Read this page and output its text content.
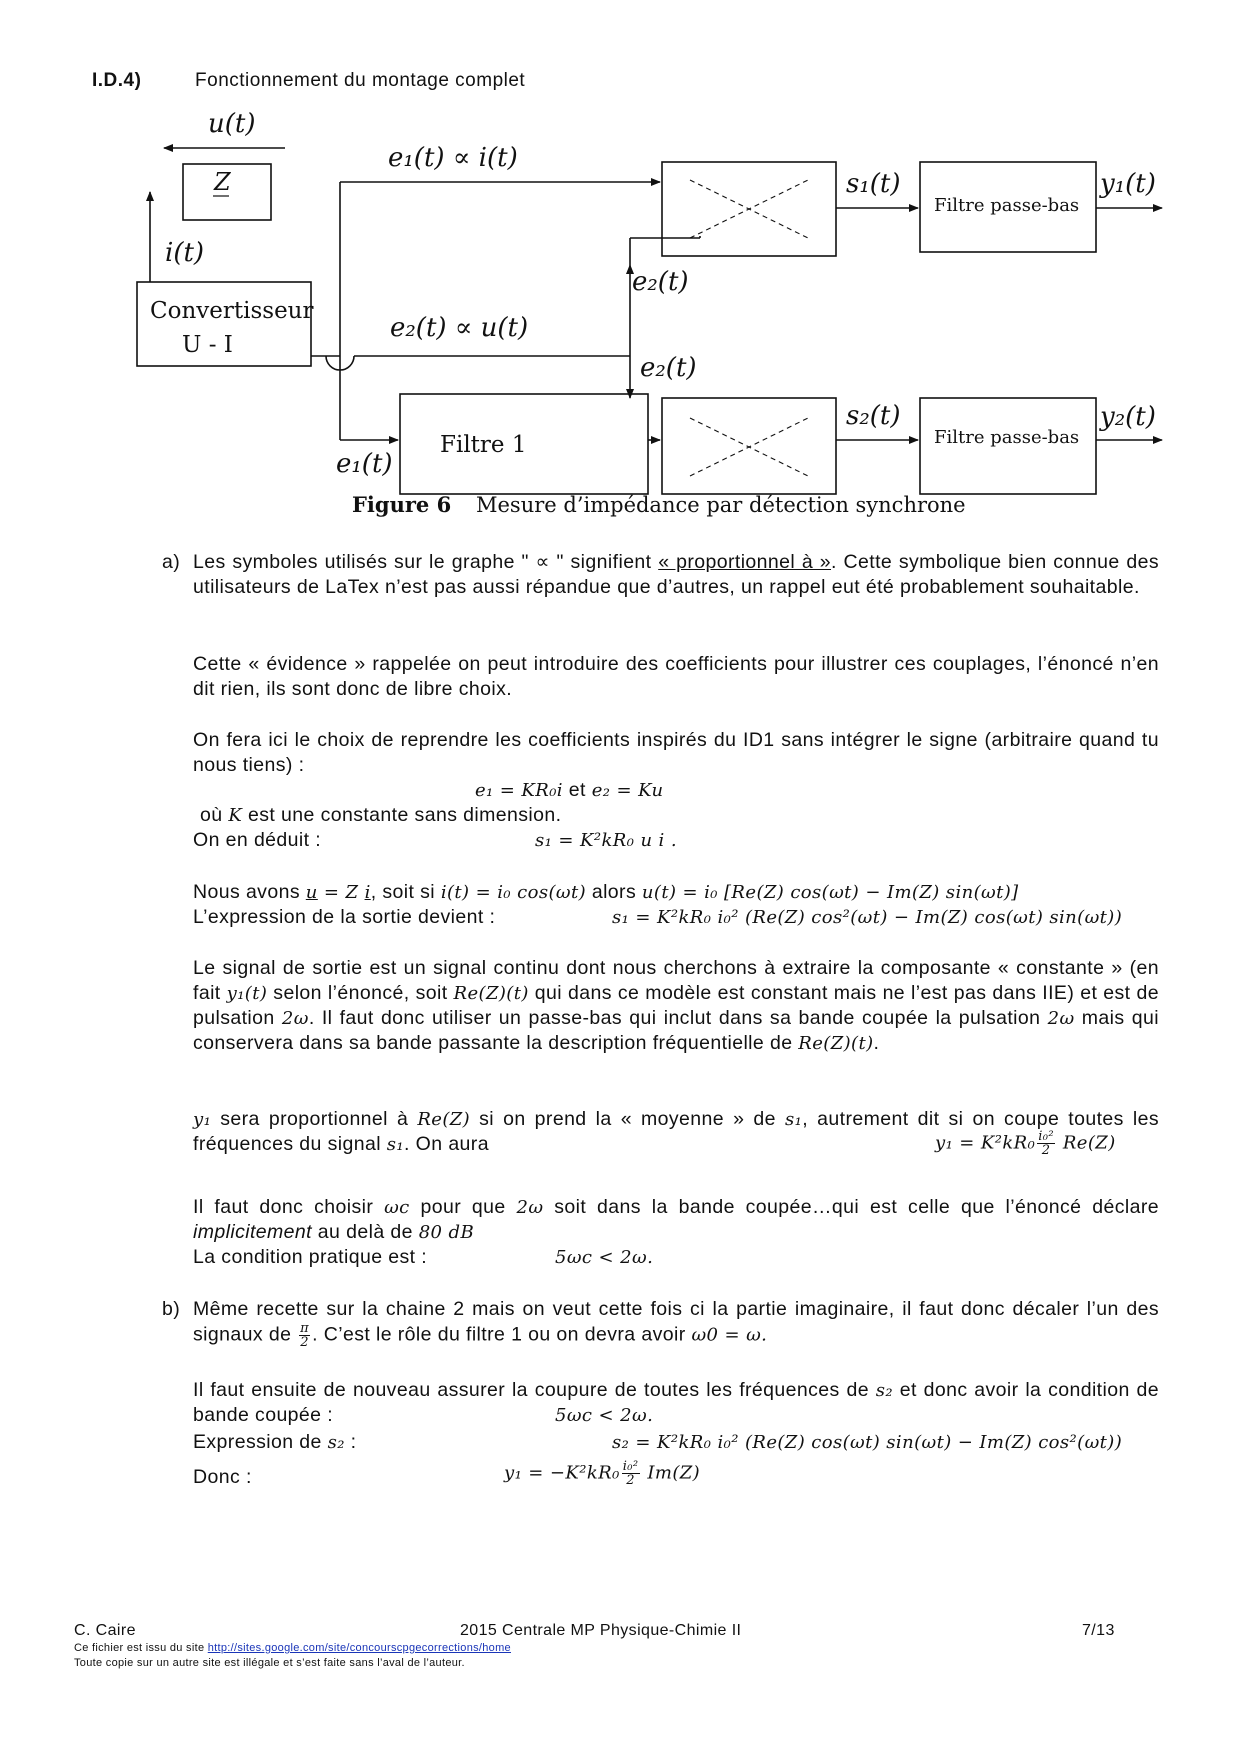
I.D.4)	Fonctionnement du montage complet
u(t)
i(t)
e₁(t) ∝ i(t)
e₂(t) ∝ u(t)
e₂(t)
e₂(t)
e₁(t)
s₁(t)
s₂(t)
y₁(t)
y₂(t)
Z
Convertisseur
U - I
Filtre 1
Filtre passe-bas
Filtre passe-bas
Figure 6 Mesure d’impédance par détection synchrone
a) Les symboles utilisés sur le graphe " ∝ " signifient « proportionnel à ». Cette symbolique bien connue des utilisateurs de LaTex n’est pas aussi répandue que d’autres, un rappel eut été probablement souhaitable.
Cette « évidence » rappelée on peut introduire des coefficients pour illustrer ces couplages, l’énoncé n’en dit rien, ils sont donc de libre choix.
On fera ici le choix de reprendre les coefficients inspirés du ID1 sans intégrer le signe (arbitraire quand tu nous tiens) :
e₁ = KR₀i et e₂ = Ku
où K est une constante sans dimension.
On en déduit :	s₁ = K²kR₀ u i .
Nous avons u = Z i, soit si i(t) = i₀ cos(ωt) alors u(t) = i₀ [Re(Z) cos(ωt) − Im(Z) sin(ωt)]
L’expression de la sortie devient :	s₁ = K²kR₀ i₀² (Re(Z) cos²(ωt) − Im(Z) cos(ωt) sin(ωt))
Le signal de sortie est un signal continu dont nous cherchons à extraire la composante « constante » (en fait y₁(t) selon l’énoncé, soit Re(Z)(t) qui dans ce modèle est constant mais ne l’est pas dans IIE) et est de pulsation 2ω. Il faut donc utiliser un passe-bas qui inclut dans sa bande coupée la pulsation 2ω mais qui conservera dans sa bande passante la description fréquentielle de Re(Z)(t).
y₁ sera proportionnel à Re(Z) si on prend la « moyenne » de s₁, autrement dit si on coupe toutes les fréquences du signal s₁. On aura	$y_1 = K^2kR_0 \frac{\text{i₀²}}{2} Re(Z)$
Il faut donc choisir ωc pour que 2ω soit dans la bande coupée…qui est celle que l’énoncé déclare implicitement au delà de 80 dB
La condition pratique est :	5ωc < 2ω.
b) Même recette sur la chaine 2 mais on veut cette fois ci la partie imaginaire, il faut donc décaler l’un des signaux de $\frac{\pi}{2}$ . C’est le rôle du filtre 1 ou on devra avoir ω0 = ω.
Il faut ensuite de nouveau assurer la coupure de toutes les fréquences de s₂ et donc avoir la condition de bande coupée :	5ωc < 2ω.
Expression de s₂ :	s₂ = K²kR₀ i₀² (Re(Z) cos(ωt) sin(ωt) − Im(Z) cos²(ωt))
Donc :	$y_1 = -K^2kR_0 \frac{\text{i₀²}}{2} Im(Z)$
C. Caire	2015 Centrale MP Physique-Chimie II	7/13
Ce fichier est issu du site http://sites.google.com/site/concourscpgecorrections/home
Toute copie sur un autre site est illégale et s’est faite sans l’aval de l’auteur.
